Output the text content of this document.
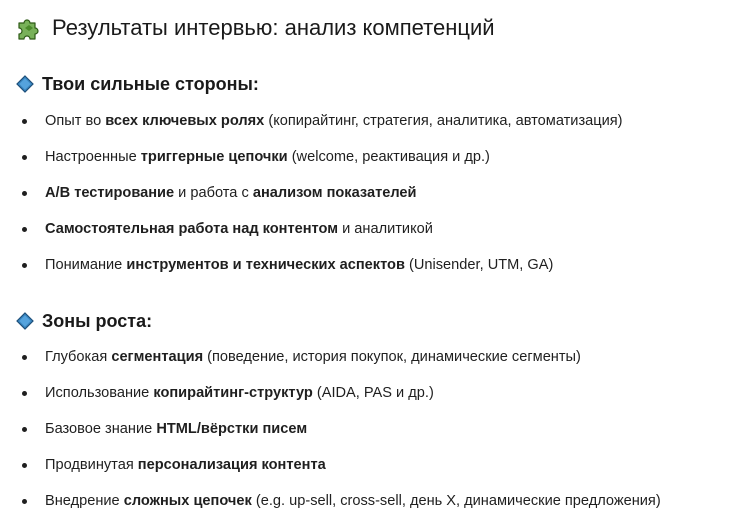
Результаты интервью: анализ компетенций
Твои сильные стороны:
Опыт во всех ключевых ролях (копирайтинг, стратегия, аналитика, автоматизация)
Настроенные триггерные цепочки (welcome, реактивация и др.)
A/B тестирование и работа с анализом показателей
Самостоятельная работа над контентом и аналитикой
Понимание инструментов и технических аспектов (Unisender, UTM, GA)
Зоны роста:
Глубокая сегментация (поведение, история покупок, динамические сегменты)
Использование копирайтинг-структур (AIDA, PAS и др.)
Базовое знание HTML/вёрстки писем
Продвинутая персонализация контента
Внедрение сложных цепочек (e.g. up-sell, cross-sell, день X, динамические предложения)
